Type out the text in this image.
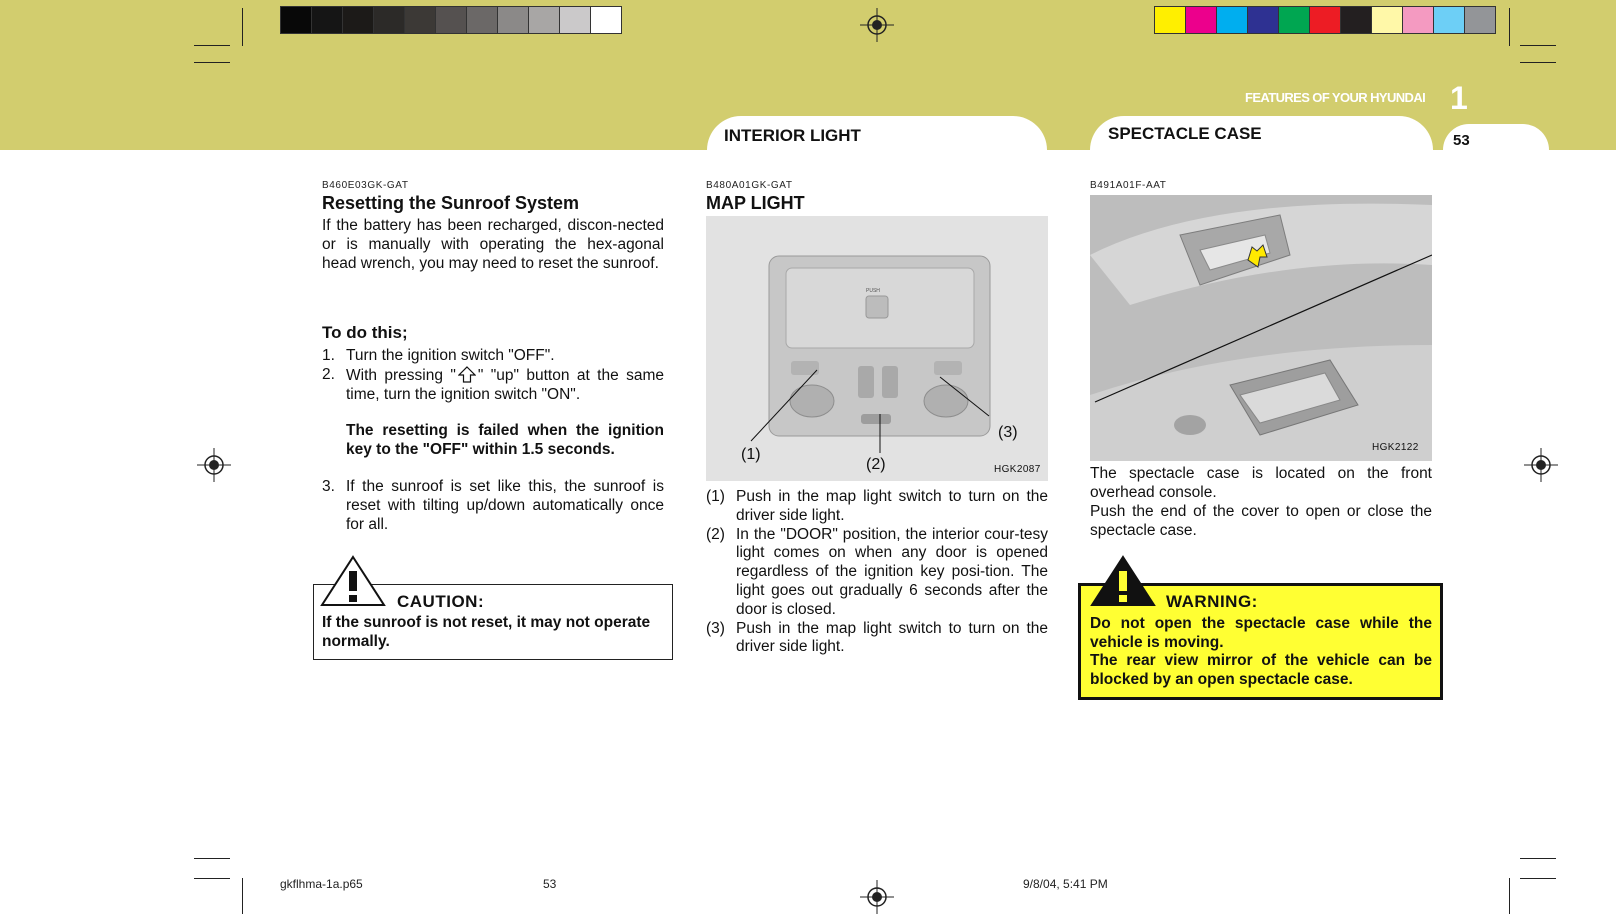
FEATURES OF YOUR HYUNDAI 1
INTERIOR LIGHT	SPECTACLE CASE	53
B460E03GK-GAT
Resetting the Sunroof System

If the battery has been recharged, discon-nected or is manually with operating the hex-agonal head wrench, you may need to reset the sunroof.

To do this;
1. Turn the ignition switch "OFF".
2. With pressing " " "up" button at the same time, turn the ignition switch "ON".
The resetting is failed when the ignition key to the "OFF" within 1.5 seconds.
3. If the sunroof is set like this, the sunroof is reset with tilting up/down automatically once for all.
CAUTION:
If the sunroof is not reset, it may not operate normally.
B480A01GK-GAT
MAP LIGHT
PUSH
(1)
(2)
(3)
HGK2087
(1) Push in the map light switch to turn on the driver side light.
(2) In the "DOOR" position, the interior cour-tesy light comes on when any door is opened regardless of the ignition key posi-tion. The light goes out gradually 6 seconds after the door is closed.
(3) Push in the map light switch to turn on the driver side light.
B491A01F-AAT
HGK2122

The spectacle case is located on the front overhead console.

Push the end of the cover to open or close the spectacle case.

WARNING:
Do not open the spectacle case while the vehicle is moving.
The rear view mirror of the vehicle can be blocked by an open spectacle case.
gkflhma-1a.p65	53	9/8/04, 5:41 PM
